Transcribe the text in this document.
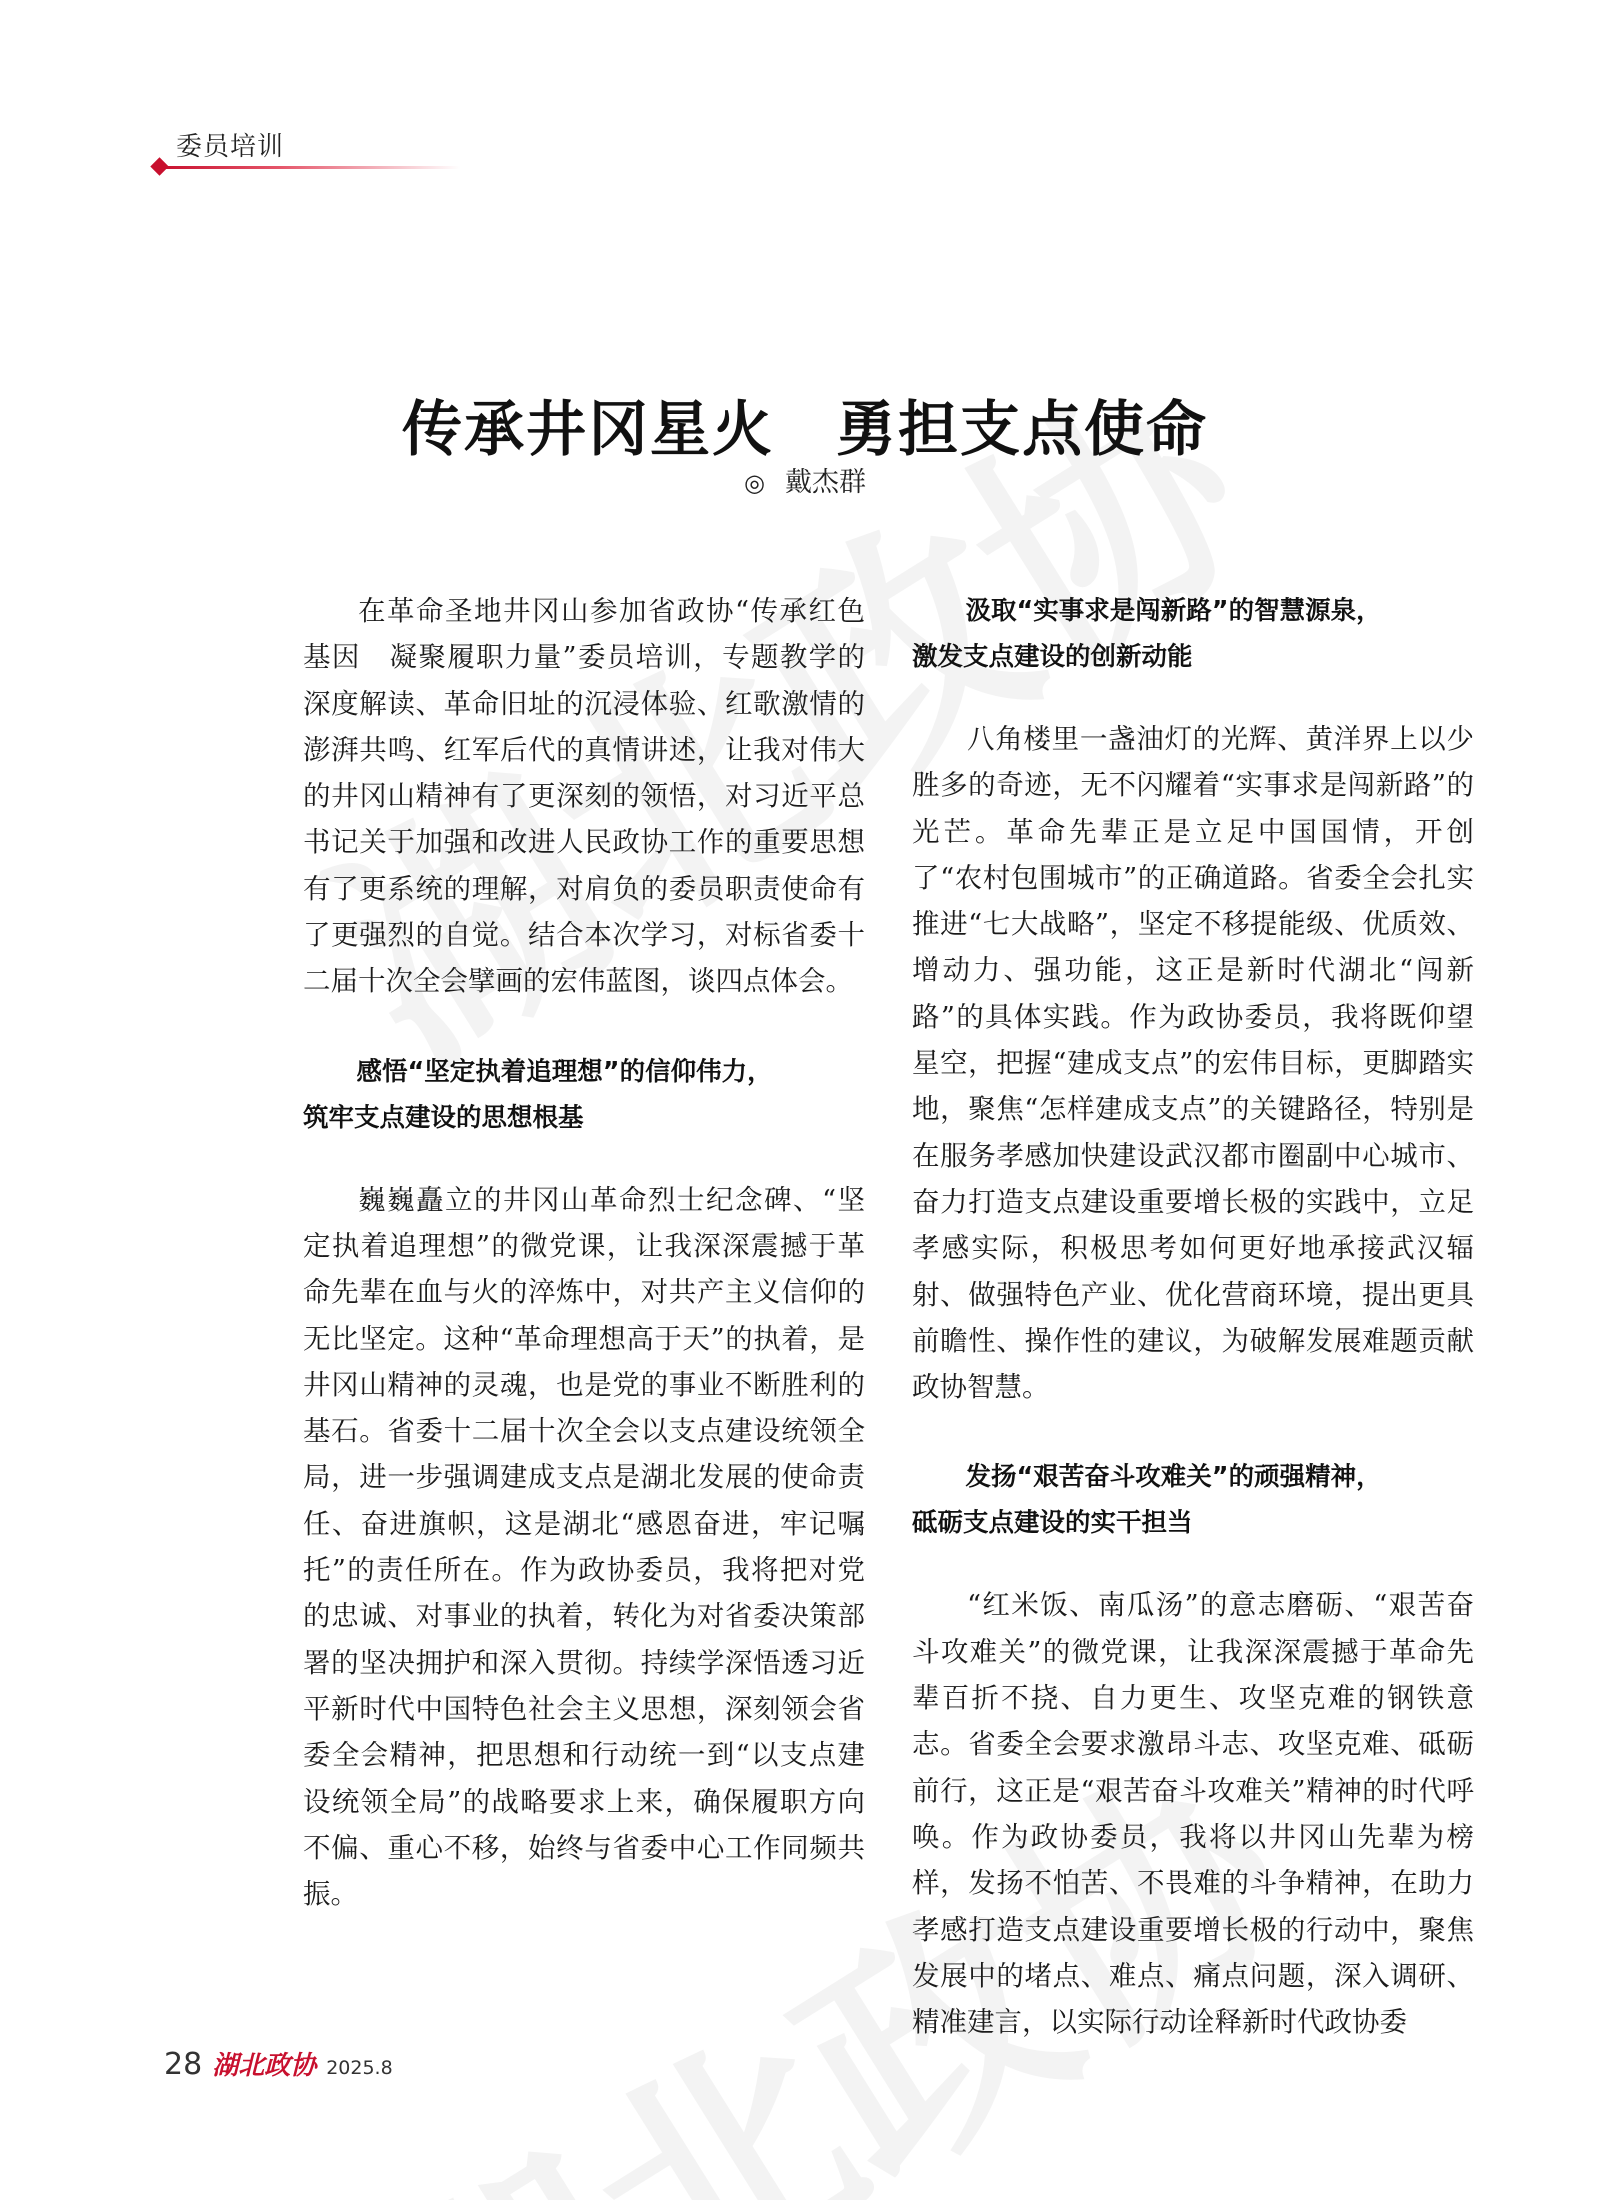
委员培训
传承井冈星火　勇担支点使命
◎ 戴杰群

在革命圣地井冈山参加省政协“传承红色基因　凝聚履职力量”委员培训，专题教学的深度解读、革命旧址的沉浸体验、红歌激情的澎湃共鸣、红军后代的真情讲述，让我对伟大的井冈山精神有了更深刻的领悟，对习近平总书记关于加强和改进人民政协工作的重要思想有了更系统的理解，对肩负的委员职责使命有了更强烈的自觉。结合本次学习，对标省委十二届十次全会擘画的宏伟蓝图，谈四点体会。

感悟“坚定执着追理想”的信仰伟力，
筑牢支点建设的思想根基

巍巍矗立的井冈山革命烈士纪念碑、“坚定执着追理想”的微党课，让我深深震撼于革命先辈在血与火的淬炼中，对共产主义信仰的无比坚定。这种“革命理想高于天”的执着，是井冈山精神的灵魂，也是党的事业不断胜利的基石。省委十二届十次全会以支点建设统领全局，进一步强调建成支点是湖北发展的使命责任、奋进旗帜，这是湖北“感恩奋进，牢记嘱托”的责任所在。作为政协委员，我将把对党的忠诚、对事业的执着，转化为对省委决策部署的坚决拥护和深入贯彻。持续学深悟透习近平新时代中国特色社会主义思想，深刻领会省委全会精神，把思想和行动统一到“以支点建设统领全局”的战略要求上来，确保履职方向不偏、重心不移，始终与省委中心工作同频共振。

汲取“实事求是闯新路”的智慧源泉，
激发支点建设的创新动能

八角楼里一盏油灯的光辉、黄洋界上以少胜多的奇迹，无不闪耀着“实事求是闯新路”的光芒。革命先辈正是立足中国国情，开创了“农村包围城市”的正确道路。省委全会扎实推进“七大战略”，坚定不移提能级、优质效、增动力、强功能，这正是新时代湖北“闯新路”的具体实践。作为政协委员，我将既仰望星空，把握“建成支点”的宏伟目标，更脚踏实地，聚焦“怎样建成支点”的关键路径，特别是在服务孝感加快建设武汉都市圈副中心城市、奋力打造支点建设重要增长极的实践中，立足孝感实际，积极思考如何更好地承接武汉辐射、做强特色产业、优化营商环境，提出更具前瞻性、操作性的建议，为破解发展难题贡献政协智慧。

发扬“艰苦奋斗攻难关”的顽强精神，
砥砺支点建设的实干担当

“红米饭、南瓜汤”的意志磨砺、“艰苦奋斗攻难关”的微党课，让我深深震撼于革命先辈百折不挠、自力更生、攻坚克难的钢铁意志。省委全会要求激昂斗志、攻坚克难、砥砺前行，这正是“艰苦奋斗攻难关”精神的时代呼唤。作为政协委员，我将以井冈山先辈为榜样，发扬不怕苦、不畏难的斗争精神，在助力孝感打造支点建设重要增长极的行动中，聚焦发展中的堵点、难点、痛点问题，深入调研、精准建言，以实际行动诠释新时代政协委

28 湖北政协 2025.8
